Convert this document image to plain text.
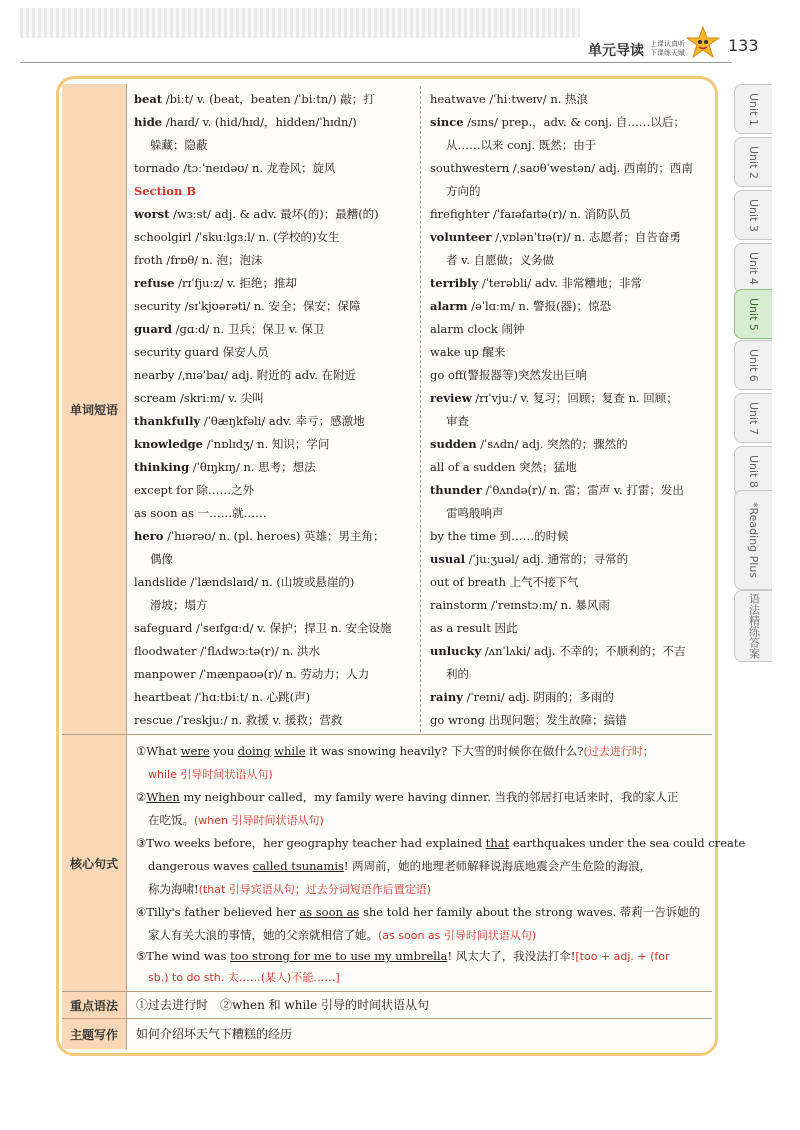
单元导读 上课认真听
下课练天赋	133
Unit 1
Unit 2
Unit 3
Unit 4
Unit 5
Unit 6
Unit 7
Unit 8
*Reading Plus
语法精练答案
单词短语
核心句式
重点语法
主题写作
beat /biːt/ v. (beat，beaten /ˈbiːtn/) 敲；打
hide /haɪd/ v. (hid/hɪd/，hidden/ˈhɪdn/)
躲藏；隐蔽
tornado /tɔːˈneɪdəʊ/ n. 龙卷风；旋风
Section B
worst /wɜːst/ adj. & adv. 最坏(的)；最糟(的)
schoolgirl /ˈskuːlɡɜːl/ n. (学校的)女生
froth /frɒθ/ n. 泡；泡沫
refuse /rɪˈfjuːz/ v. 拒绝；推却
security /sɪˈkjʊərəti/ n. 安全；保安；保障
guard /ɡɑːd/ n. 卫兵；保卫 v. 保卫
security guard 保安人员
nearby /ˌnɪəˈbaɪ/ adj. 附近的 adv. 在附近
scream /skriːm/ v. 尖叫
thankfully /ˈθæŋkfəli/ adv. 幸亏；感激地
knowledge /ˈnɒlɪdʒ/ n. 知识；学问
thinking /ˈθɪŋkɪŋ/ n. 思考；想法
except for 除……之外
as soon as 一……就……
hero /ˈhɪərəʊ/ n. (pl. heroes) 英雄；男主角；
偶像
landslide /ˈlændslaɪd/ n. (山坡或悬崖的)
滑坡；塌方
safeguard /ˈseɪfɡɑːd/ v. 保护；捍卫 n. 安全设施
floodwater /ˈflʌdwɔːtə(r)/ n. 洪水
manpower /ˈmænpaʊə(r)/ n. 劳动力；人力
heartbeat /ˈhɑːtbiːt/ n. 心跳(声)
rescue /ˈreskjuː/ n. 救援 v. 援救；营救
heatwave /ˈhiːtweɪv/ n. 热浪
since /sɪns/ prep.，adv. & conj. 自……以后；
从……以来 conj. 既然；由于
southwestern /ˌsaʊθˈwestən/ adj. 西南的；西南
方向的
firefighter /ˈfaɪəfaɪtə(r)/ n. 消防队员
volunteer /ˌvɒlənˈtɪə(r)/ n. 志愿者；自告奋勇
者 v. 自愿做；义务做
terribly /ˈterəbli/ adv. 非常糟地；非常
alarm /əˈlɑːm/ n. 警报(器)；惊恐
alarm clock 闹钟
wake up 醒来
go off(警报器等)突然发出巨响
review /rɪˈvjuː/ v. 复习；回顾；复查 n. 回顾；
审查
sudden /ˈsʌdn/ adj. 突然的；骤然的
all of a sudden 突然；猛地
thunder /ˈθʌndə(r)/ n. 雷；雷声 v. 打雷；发出
雷鸣般响声
by the time 到……的时候
usual /ˈjuːʒuəl/ adj. 通常的；寻常的
out of breath 上气不接下气
rainstorm /ˈreɪnstɔːm/ n. 暴风雨
as a result 因此
unlucky /ʌnˈlʌki/ adj. 不幸的；不顺利的；不吉
利的
rainy /ˈreɪni/ adj. 阴雨的；多雨的
go wrong 出现问题；发生故障；搞错
①What were you doing while it was snowing heavily? 下大雪的时候你在做什么?(过去进行时；
while 引导时间状语从句)
②When my neighbour called，my family were having dinner. 当我的邻居打电话来时，我的家人正
在吃饭。(when 引导时间状语从句)
③Two weeks before，her geography teacher had explained that earthquakes under the sea could create
dangerous waves called tsunamis! 两周前，她的地理老师解释说海底地震会产生危险的海浪，
称为海啸!(that 引导宾语从句；过去分词短语作后置定语)
④Tilly's father believed her as soon as she told her family about the strong waves. 蒂莉一告诉她的
家人有关大浪的事情，她的父亲就相信了她。(as soon as 引导时间状语从句)
⑤The wind was too strong for me to use my umbrella! 风太大了，我没法打伞![too + adj. + (for
sb.) to do sth. 太……(某人)不能……]
①过去进行时　②when 和 while 引导的时间状语从句
如何介绍坏天气下糟糕的经历
